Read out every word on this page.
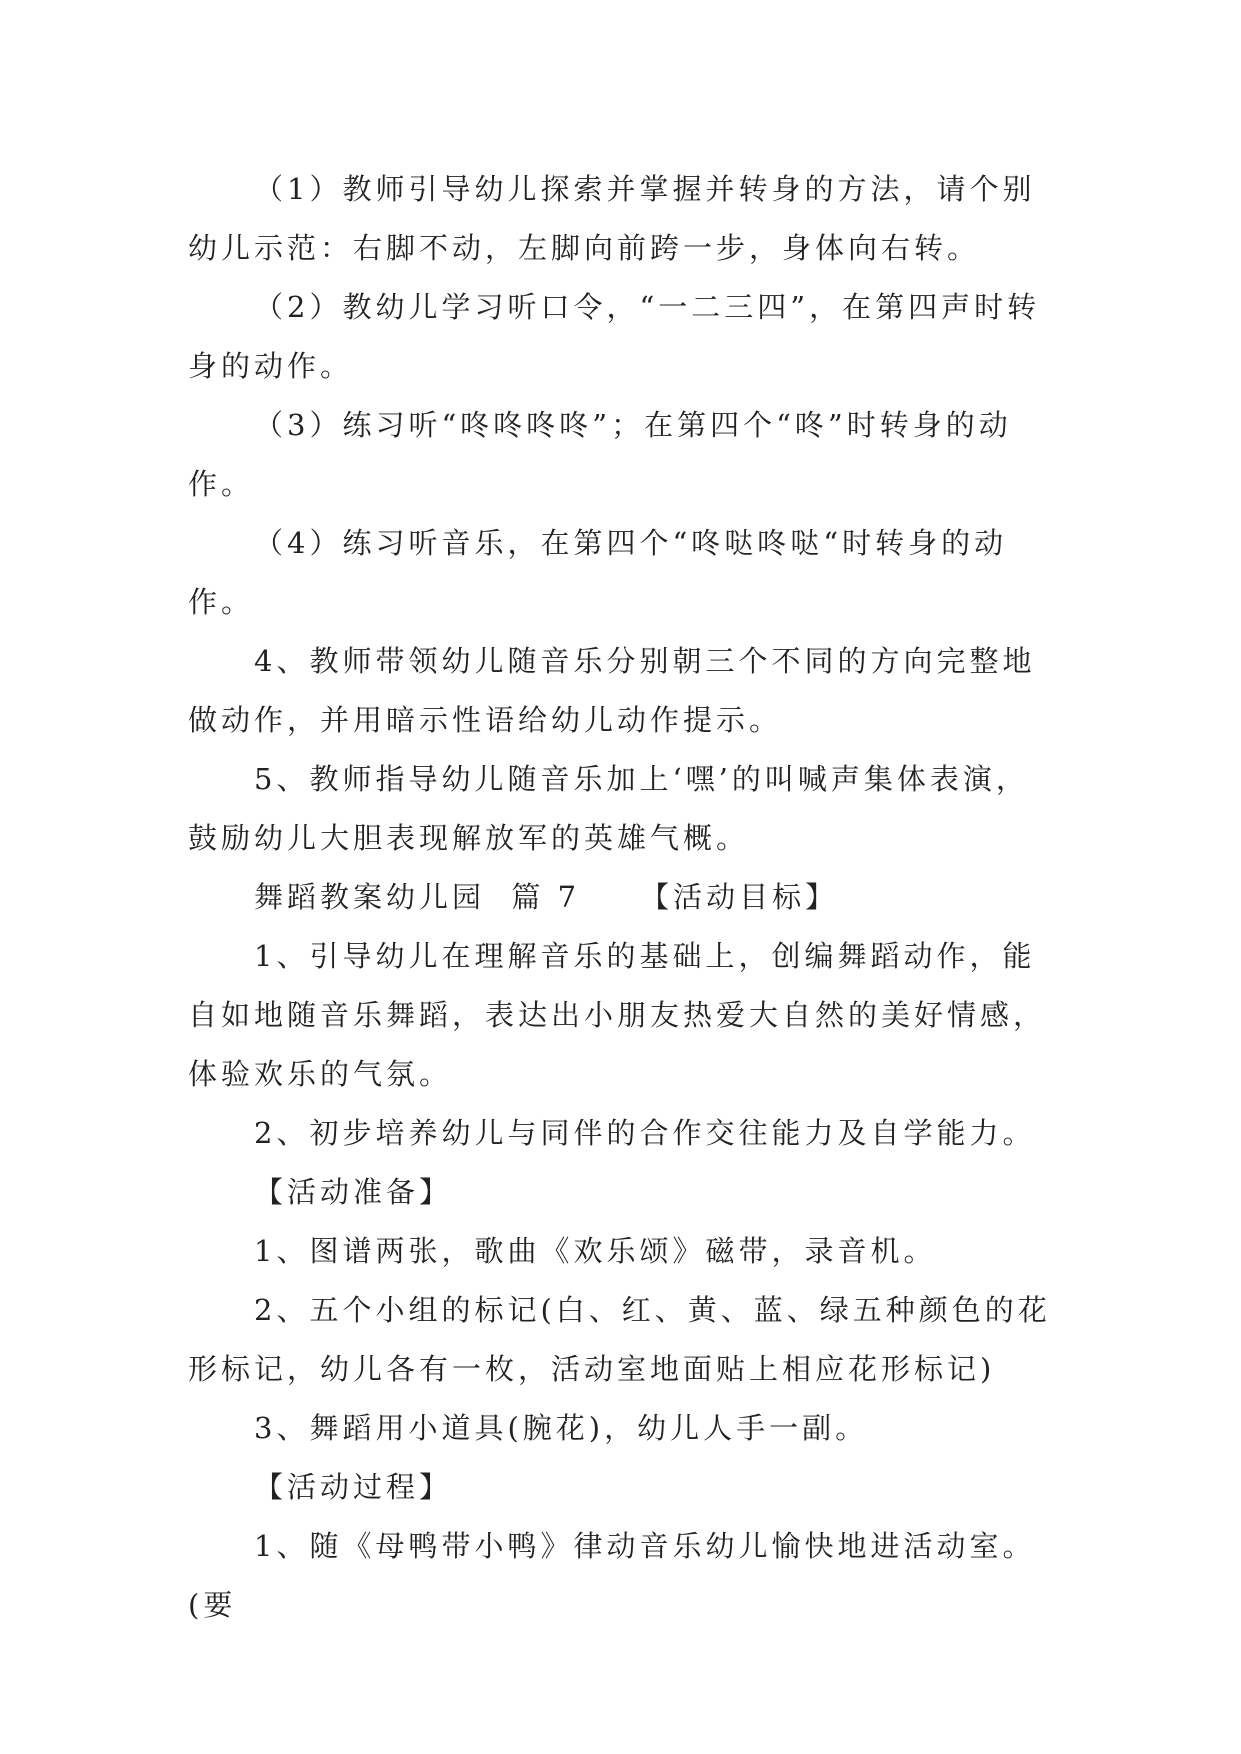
（1）教师引导幼儿探索并掌握并转身的方法，请个别幼儿示范：右脚不动，左脚向前跨一步，身体向右转。

（2）教幼儿学习听口令，“一二三四”，在第四声时转身的动作。

（3）练习听“咚咚咚咚”；在第四个“咚”时转身的动作。

（4）练习听音乐，在第四个“咚哒咚哒“时转身的动作。

4、教师带领幼儿随音乐分别朝三个不同的方向完整地做动作，并用暗示性语给幼儿动作提示。

5、教师指导幼儿随音乐加上‘嘿’的叫喊声集体表演，鼓励幼儿大胆表现解放军的英雄气概。

舞蹈教案幼儿园  篇 7 【活动目标】

1、引导幼儿在理解音乐的基础上，创编舞蹈动作，能自如地随音乐舞蹈，表达出小朋友热爱大自然的美好情感，体验欢乐的气氛。

2、初步培养幼儿与同伴的合作交往能力及自学能力。

【活动准备】

1、图谱两张，歌曲《欢乐颂》磁带，录音机。

2、五个小组的标记(白、红、黄、蓝、绿五种颜色的花形标记，幼儿各有一枚，活动室地面贴上相应花形标记)

3、舞蹈用小道具(腕花)，幼儿人手一副。

【活动过程】

1、随《母鸭带小鸭》律动音乐幼儿愉快地进活动室。(要
